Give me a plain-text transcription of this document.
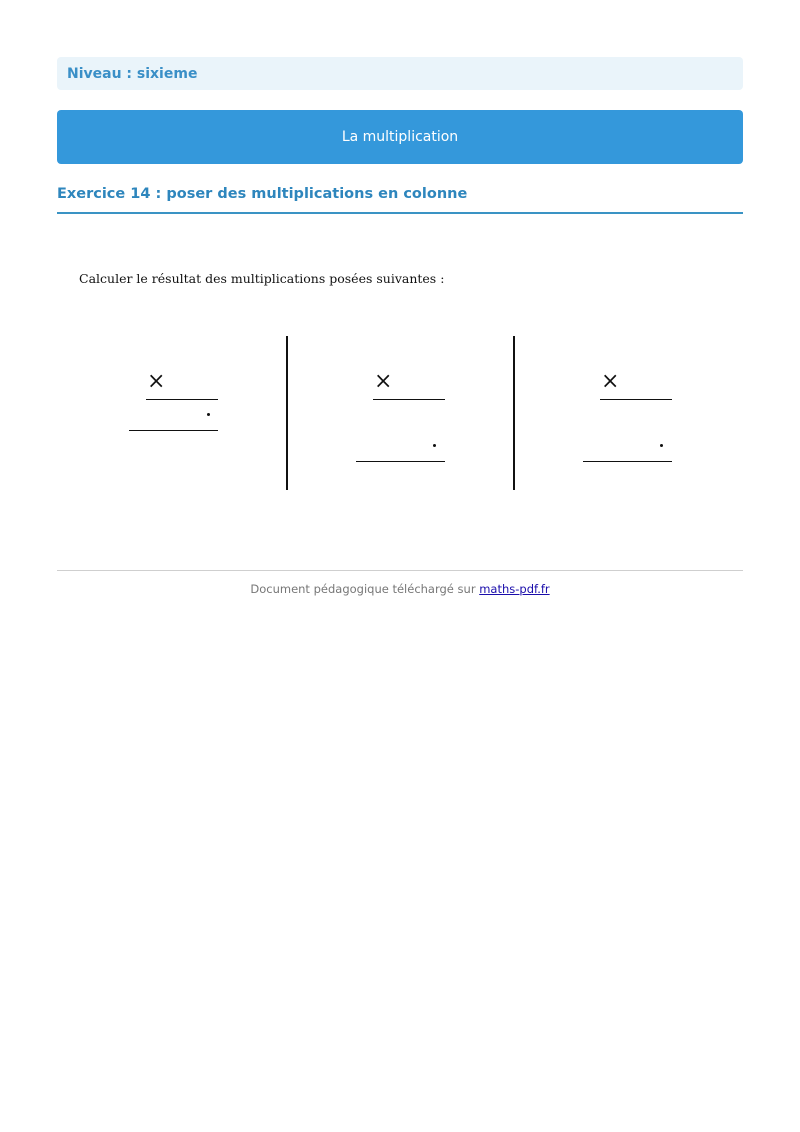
Niveau : sixieme
La multiplication
Exercice 14 : poser des multiplications en colonne
Calculer le résultat des multiplications posées suivantes :
×	×	×
Document pédagogique téléchargé sur maths-pdf.fr
